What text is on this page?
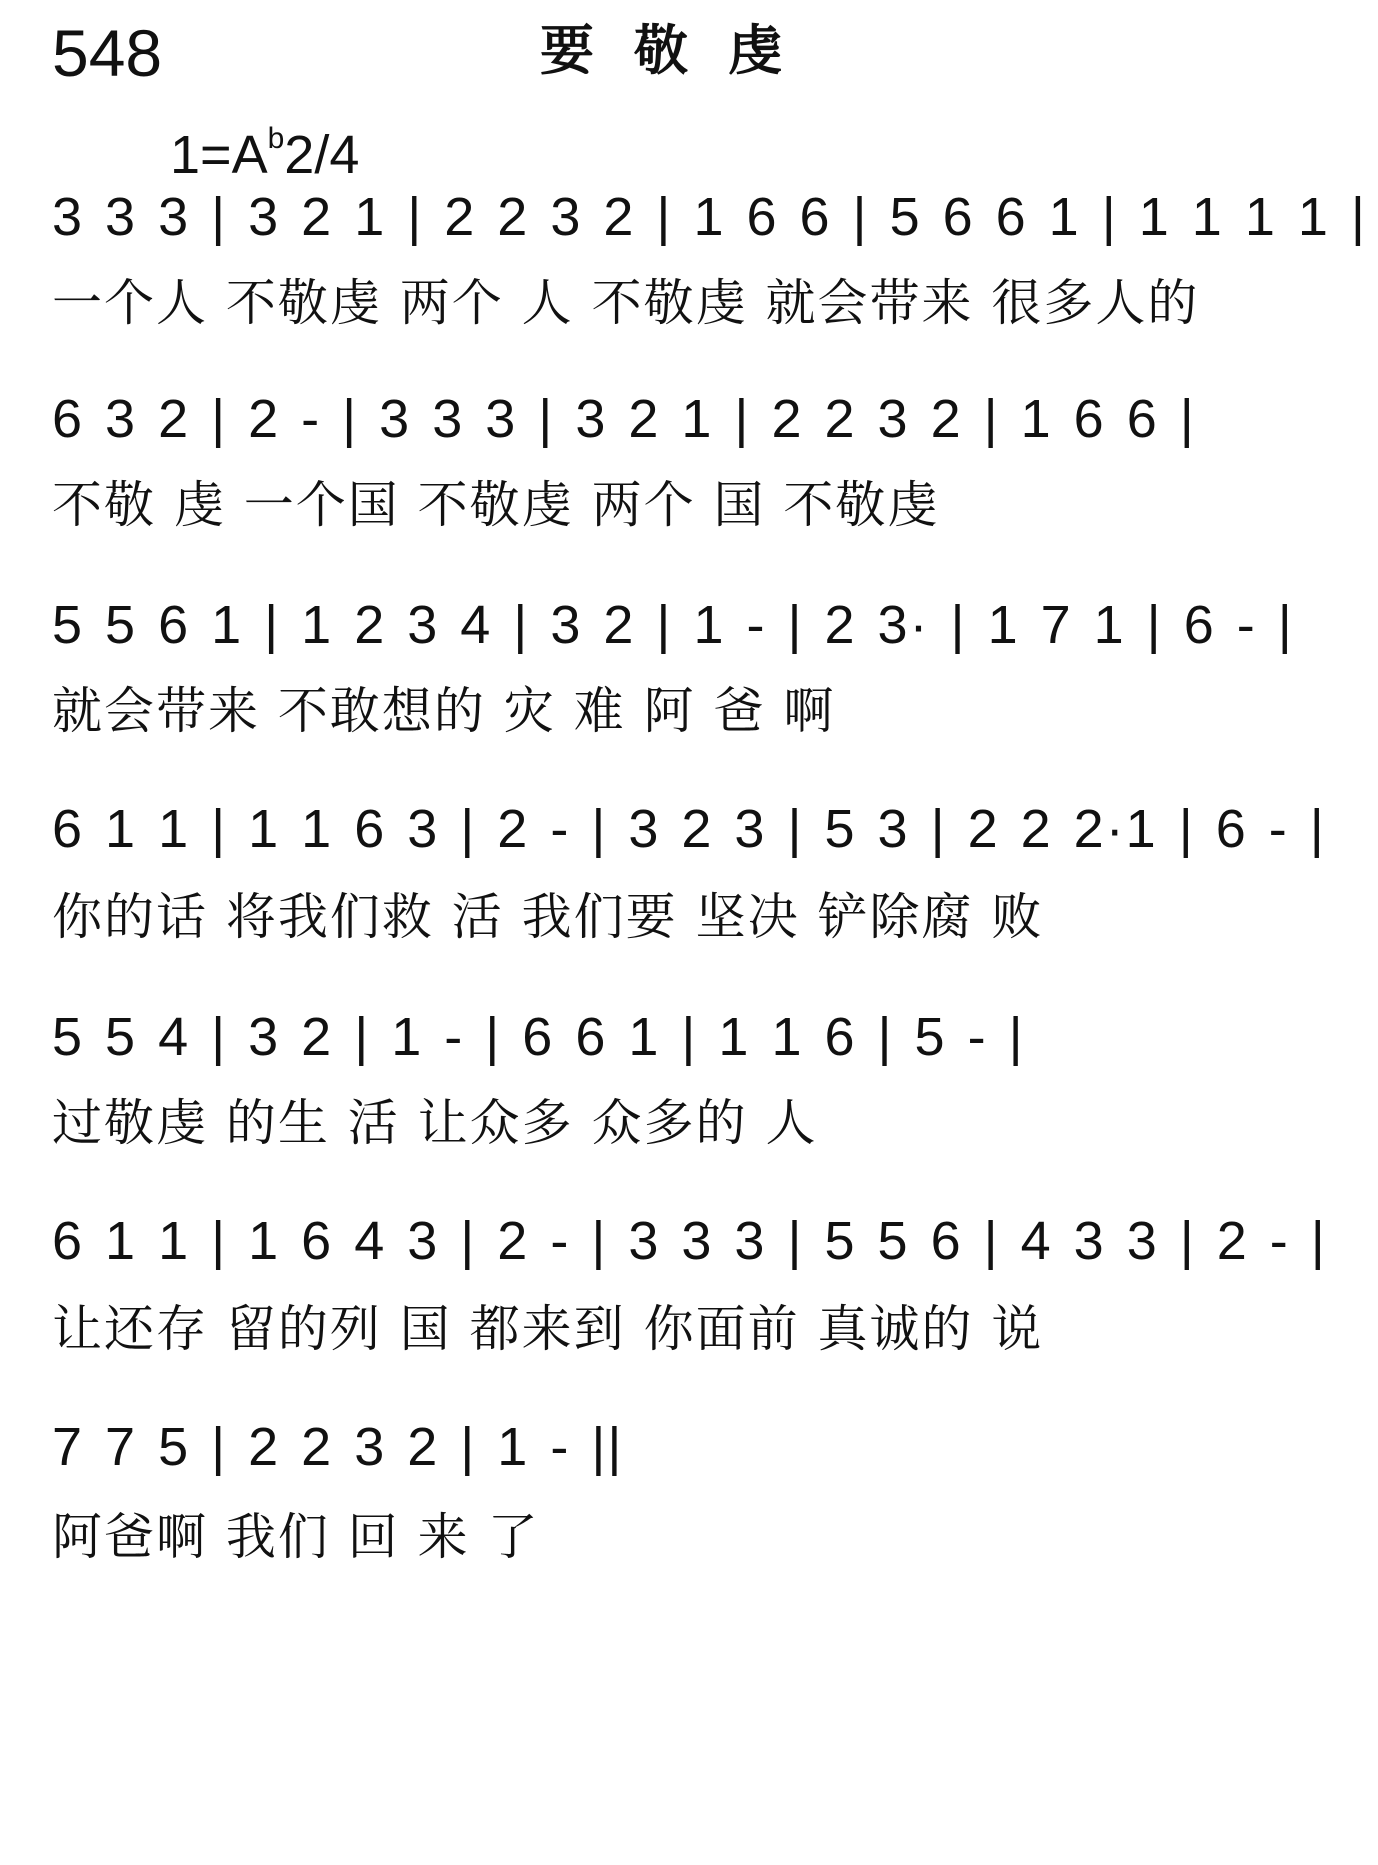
548	要敬虔
$1=A^b2/4$
3 3 3 | 3 2 1 | 2 2 3 2 | 1 6 6 | 5 6 6 1 | 1 1 1 1 |
一个人 不敬虔 两个 人 不敬虔 就会带来 很多人的
6 3 2 | 2 - | 3 3 3 | 3 2 1 | 2 2 3 2 | 1 6 6 |
不敬 虔 一个国 不敬虔 两个 国 不敬虔
5 5 6 1 | 1 2 3 4 | 3 2 | 1 - | 2 3· | 1 7 1 | 6 - |
就会带来 不敢想的 灾 难 阿 爸 啊
6 1 1 | 1 1 6 3 | 2 - | 3 2 3 | 5 3 | 2 2 2·1 | 6 - |
你的话 将我们救 活 我们要 坚决 铲除腐 败
5 5 4 | 3 2 | 1 - | 6 6 1 | 1 1 6 | 5 - |
过敬虔 的生 活 让众多 众多的 人
6 1 1 | 1 6 4 3 | 2 - | 3 3 3 | 5 5 6 | 4 3 3 | 2 - |
让还存 留的列 国 都来到 你面前 真诚的 说
7 7 5 | 2 2 3 2 | 1 - ||
阿爸啊 我们 回 来 了
